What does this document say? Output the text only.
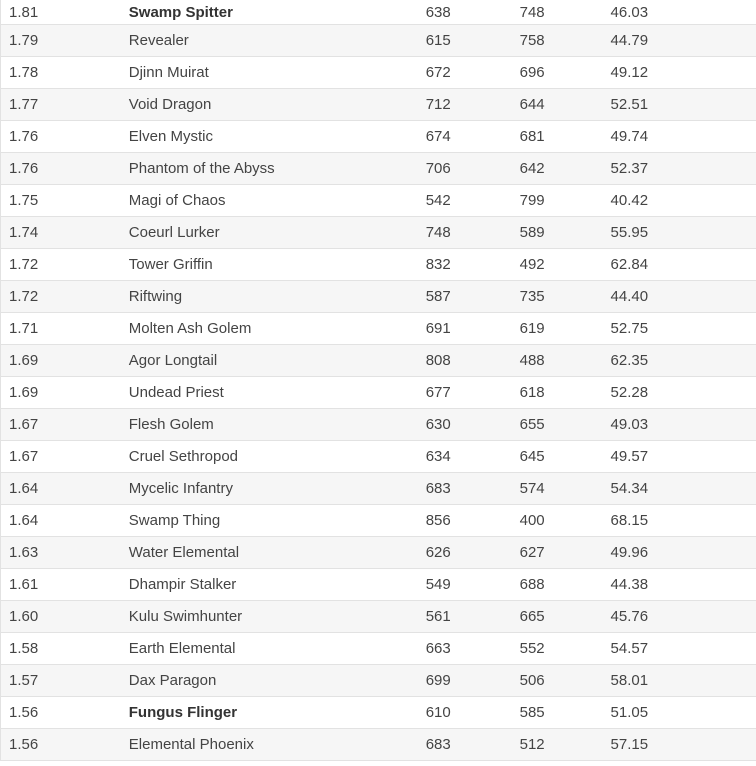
1.81	Swamp Spitter	638	748	46.03
1.79	Revealer	615	758	44.79
1.78	Djinn Muirat	672	696	49.12
1.77	Void Dragon	712	644	52.51
1.76	Elven Mystic	674	681	49.74
1.76	Phantom of the Abyss	706	642	52.37
1.75	Magi of Chaos	542	799	40.42
1.74	Coeurl Lurker	748	589	55.95
1.72	Tower Griffin	832	492	62.84
1.72	Riftwing	587	735	44.40
1.71	Molten Ash Golem	691	619	52.75
1.69	Agor Longtail	808	488	62.35
1.69	Undead Priest	677	618	52.28
1.67	Flesh Golem	630	655	49.03
1.67	Cruel Sethropod	634	645	49.57
1.64	Mycelic Infantry	683	574	54.34
1.64	Swamp Thing	856	400	68.15
1.63	Water Elemental	626	627	49.96
1.61	Dhampir Stalker	549	688	44.38
1.60	Kulu Swimhunter	561	665	45.76
1.58	Earth Elemental	663	552	54.57
1.57	Dax Paragon	699	506	58.01
1.56	Fungus Flinger	610	585	51.05
1.56	Elemental Phoenix	683	512	57.15
